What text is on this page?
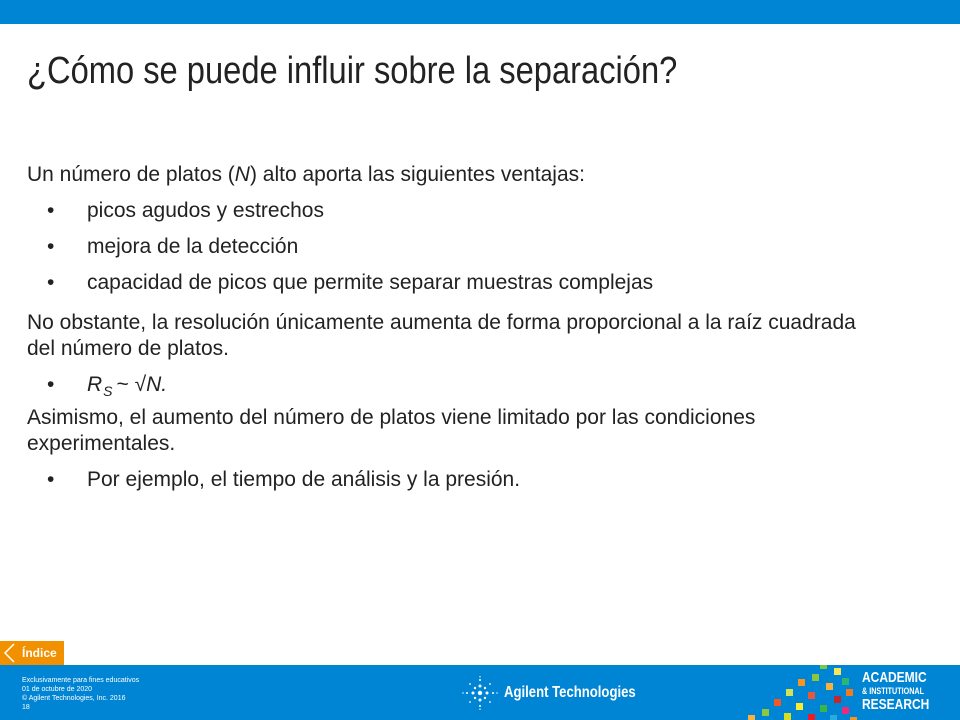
¿Cómo se puede influir sobre la separación?
Un número de platos (N) alto aporta las siguientes ventajas:
• picos agudos y estrechos
• mejora de la detección
• capacidad de picos que permite separar muestras complejas
No obstante, la resolución únicamente aumenta de forma proporcional a la raíz cuadrada del número de platos.
• $R_S$ ~ √N.
Asimismo, el aumento del número de platos viene limitado por las condiciones experimentales.
• Por ejemplo, el tiempo de análisis y la presión.
Índice
Exclusivamente para fines educativos
01 de octubre de 2020
© Agilent Technologies, Inc. 2016
18
Agilent Technologies
ACADEMIC
& INSTITUTIONAL
RESEARCH
